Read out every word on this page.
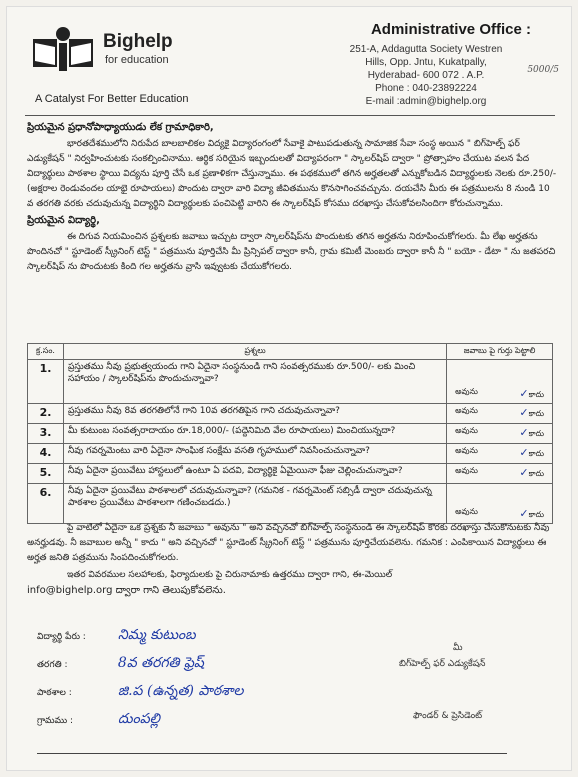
Bighelp
for education
A Catalyst For Better Education
Administrative Office :
251-A, Addagutta Society Westren
Hills, Opp. Jntu, Kukatpally,
Hyderabad- 600 072 . A.P.
Phone : 040-23892224
E-mail :admin@bighelp.org
5000/5
ప్రియమైన ప్రధానోపాధ్యాయుడు లేక గ్రామాధికారి,
భారతదేశములోని నిరుపేద బాలబాలికల విద్యకై విద్యారంగంలో సేవాకై పాటుపడుతున్న సామాజిక సేవా సంస్థ అయిన " బిగ్‌హెల్ప్ ఫర్ ఎడ్యుకేషన్ " నిర్వహించుటకు సంకల్పించినాము. ఆర్థిక సరియైన ఇబ్బందులతో విద్యాపరంగా " స్కాలర్‌షిప్ ద్వారా " ప్రోత్సాహం చేయుట వలన పేద విద్యార్థులు పాఠశాల స్థాయి విద్యను పూర్తి చేసే ఒక ప్రణాళికగా చేస్తున్నాము. ఈ పథకములో తగిన అర్హతలతో ఎన్నుకోబడిన విద్యార్థులకు నెలకు రూ.250/-(అక్షరాల రెండువందల యాభై రూపాయలు) పొందుట ద్వారా వారి విద్యా జీవితమును కొనసాగించవచ్చును. దయచేసి మీరు ఈ పత్రములను 8 నుండి 10 వ తరగతి వరకు చదువుచున్న విద్యార్థిని విద్యార్థులకు పంచిపెట్టి వారిని ఈ స్కాలర్‌షిప్ కోసము దరఖాస్తు చేసుకోవలసిందిగా కోరుచున్నాము.
ప్రియమైన విద్యార్థి,
ఈ దిగువ నియమించిన ప్రశ్నలకు జవాబు ఇచ్చుట ద్వారా స్కాలర్‌షిప్‌ను పొందుటకు తగిన అర్హతను నిరూపించుకోగలరు. మీ లేఖ అర్హతను పొందినచో " స్టూడెంట్ స్క్రీనింగ్ టెస్ట్ " పత్రమును పూర్తిచేసి మీ ప్రిన్సిపల్ ద్వారా కానీ, గ్రామ కమిటీ మెంబరు ద్వారా కానీ నీ " బయో - డేటా " ను జతపరచి స్కాలర్‌షిప్ ను పొందుటకు కింది గల అర్హతను వ్రాసి ఇవ్వుటకు చేయుకోగలరు.
క్ర.సం.	ప్రశ్నలు	జవాబు పై గుర్తు పెట్టాలి
1.	ప్రస్తుతము నీవు ప్రభుత్వయందు గాని ఏదైనా సంస్థనుండి గాని సంవత్సరముకు రూ.500/- లకు మించి సహాయం / స్కాలర్‌షిప్‌ను పొందుచున్నావా?	అవును ✓కాదు

2.	ప్రస్తుతము నీవు 8వ తరగతిలోనే గాని 10వ తరగతిపైన గాని చదువుచున్నావా?	అవును ✓కాదు

3.	మీ కుటుంబ సంవత్సరాదాయం రూ.18,000/- (పద్దెనిమిది వేల రూపాయలు) మించియున్నదా?	అవును ✓కాదు

4.	నీవు గవర్నమెంటు వారి ఏదైనా సాంఘిక సంక్షేమ వసతి గృహములో నివసించుచున్నావా?	అవును ✓కాదు

5.	నీవు ఏదైనా ప్రయివేటు హాస్టలులో ఉంటూ ఏ పదవి, విద్యార్థికై ఏమైయినా ఫీజు చెల్లించుచున్నావా?	అవును ✓కాదు

6.	నీవు ఏదైనా ప్రయివేటు పాఠశాలలో చదువుచున్నావా? (గమనిక - గవర్నమెంట్ సబ్సిడీ ద్వారా చదువుచున్న పాఠశాల ప్రయివేటు పాఠశాలగా గణించబడదు.)	అవును ✓కాదు
పై వాటిలో ఏదైనా ఒక ప్రశ్నకు నీ జవాబు " అవును " అని వచ్చినచో బిగ్‌హెల్ప్ సంస్థనుండి ఈ స్కాలర్‌షిప్ కొరకు దరఖాస్తు చేసుకొనుటకు నీవు అనర్హుడవు. నీ జవాబుల అన్నీ " కాదు " అని వచ్చినచో " స్టూడెంట్ స్క్రీనింగ్ టెస్ట్ " పత్రమును పూర్తిచేయవలెను. గమనిక : ఎంపికాయిన విద్యార్థులు ఈ అర్హత జనితి పత్రమును సింపదించుకోగలరు.
ఇతర వివరముల సలహాలకు, ఫిర్యాదులకు పై చిరునామాకు ఉత్తరము ద్వారా గాని, ఈ-మెయిల్
info@bighelp.org ద్వారా గాని తెలుపుకోవలెను.
విద్యార్థి పేరు : నిమ్మ కుటుంబ
తరగతి :	8వ తరగతి ఫ్రెష్
పాఠశాల :	జి.ప (ఉన్నత) పాఠశాల
గ్రామము :	దుంపల్లి
మీ
బిగ్‌హెల్ప్ ఫర్ ఎడ్యుకేషన్
ఫౌండర్ & ప్రెసిడెంట్
